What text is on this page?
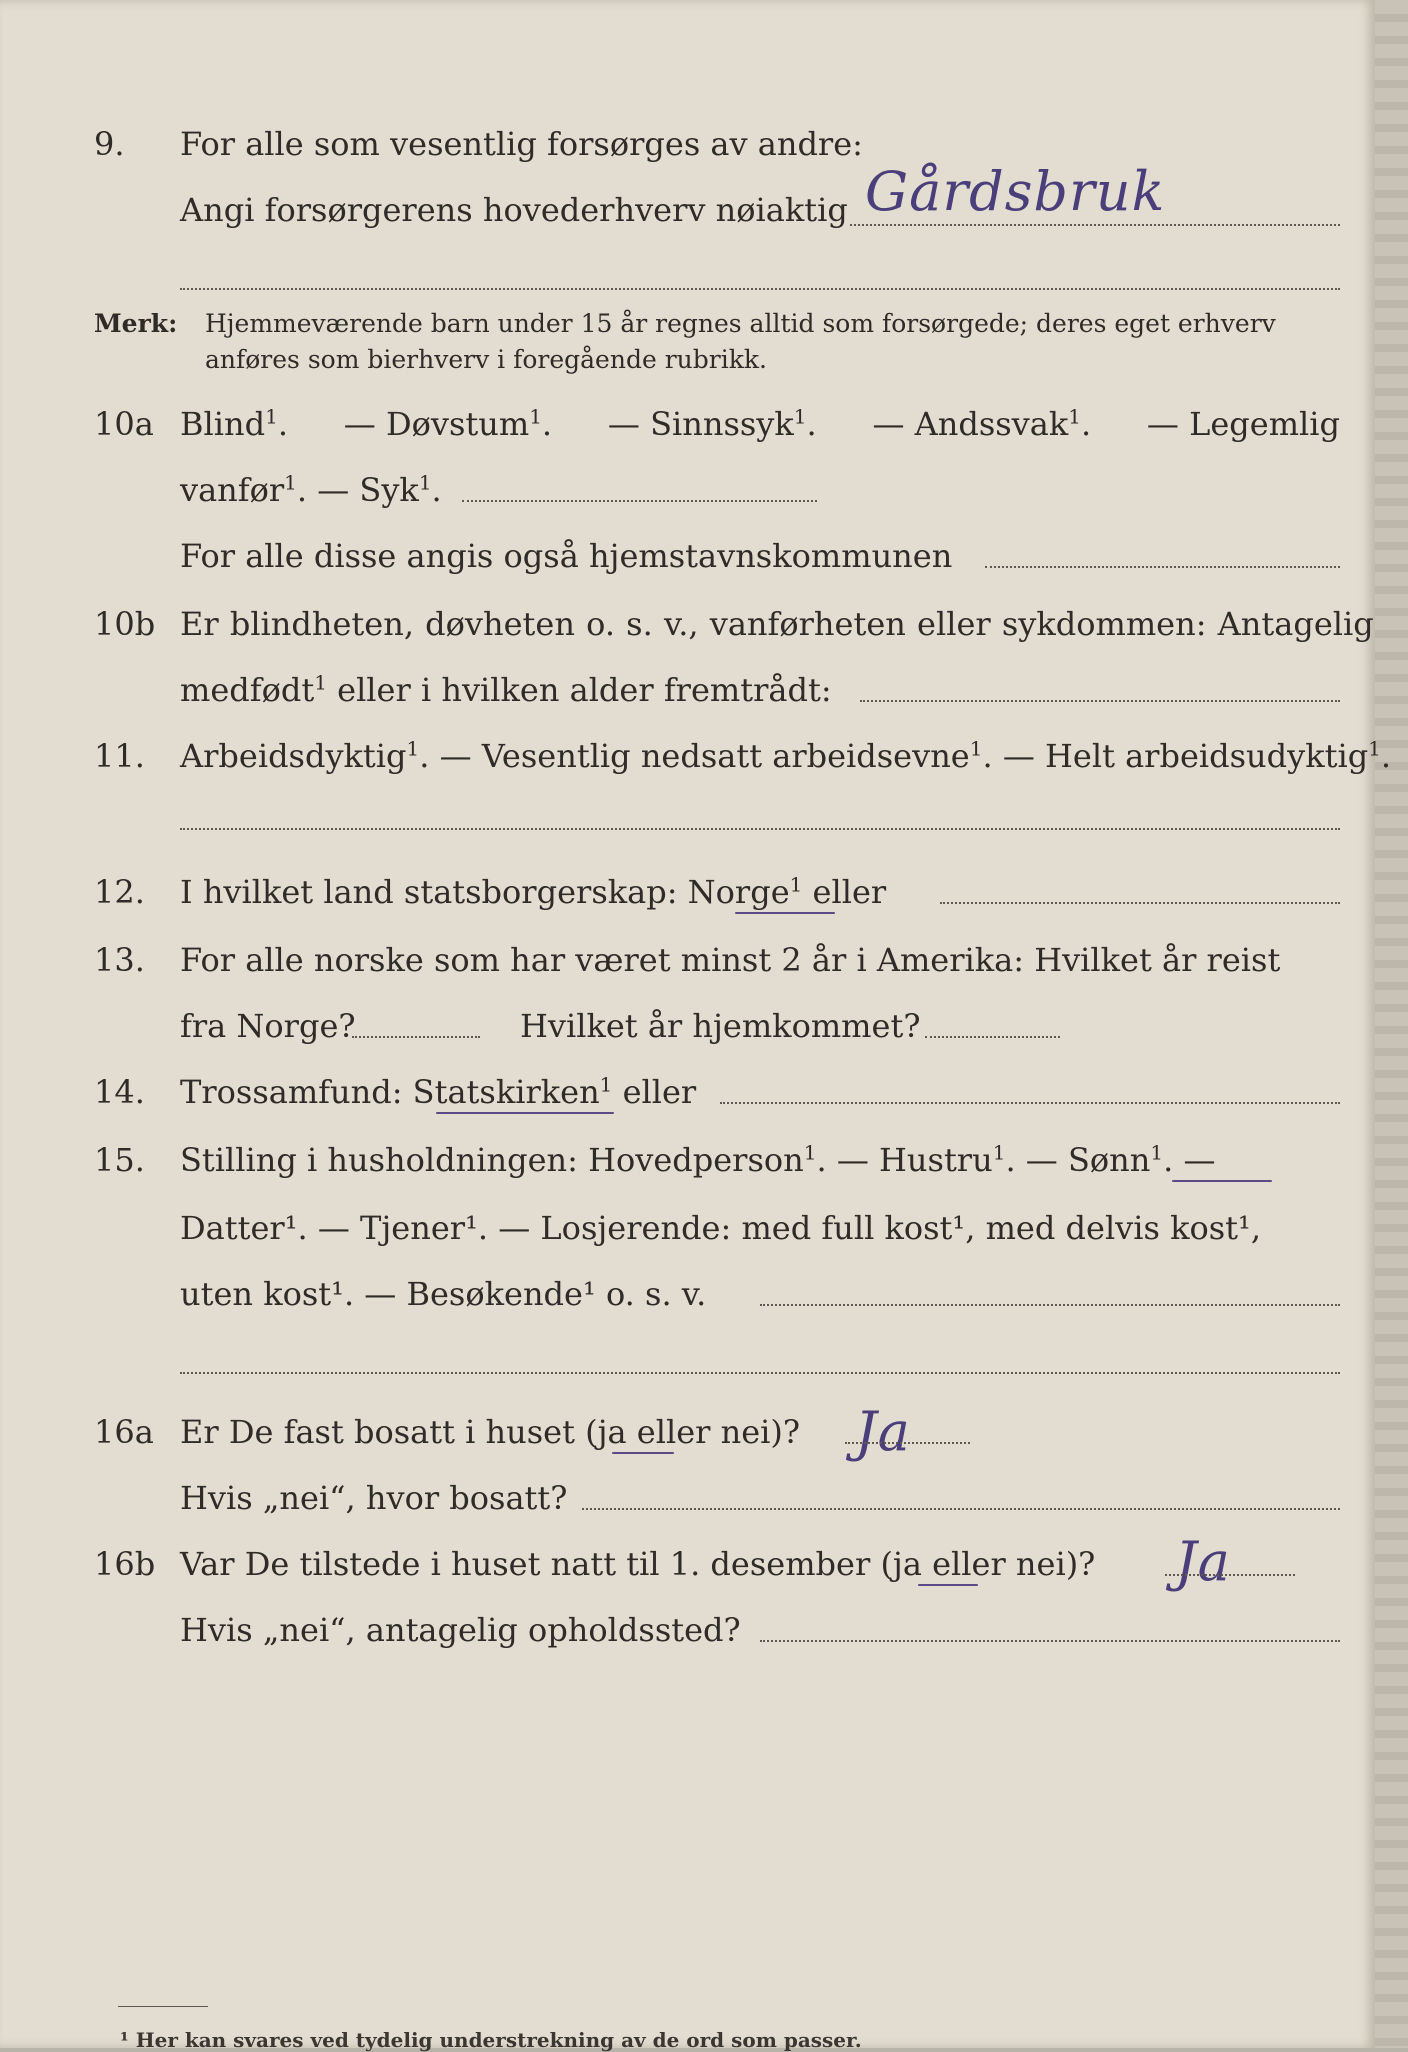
9. For alle som vesentlig forsørges av andre:
Angi forsørgerens hovederhverv nøiaktig Gårdsbruk
Merk: Hjemmeværende barn under 15 år regnes alltid som forsørgede; deres eget erhverv
anføres som bierhverv i foregående rubrikk.
10a Blind$^1$. — Døvstum$^1$. — Sinnssyk$^1$. — Andssvak$^1$. — Legemlig
vanfør$^1$. — Syk$^1$.
For alle disse angis også hjemstavnskommunen
10b Er blindheten, døvheten o. s. v., vanførheten eller sykdommen: Antagelig
medfødt$^1$ eller i hvilken alder fremtrådt:
11. Arbeidsdyktig$^1$. — Vesentlig nedsatt arbeidsevne$^1$. — Helt arbeidsudyktig$^1$.
12. I hvilket land statsborgerskap: Norge$^1$ eller
13. For alle norske som har været minst 2 år i Amerika: Hvilket år reist
fra Norge?	Hvilket år hjemkommet?
14. Trossamfund: Statskirken$^1$ eller
15. Stilling i husholdningen: Hovedperson$^1$. — Hustru$^1$. — Sønn$^1$. —
Datter¹. — Tjener¹. — Losjerende: med full kost¹, med delvis kost¹,
uten kost¹. — Besøkende¹ o. s. v.
16a Er De fast bosatt i huset (ja eller nei)? Ja
Hvis „nei“, hvor bosatt?
16b Var De tilstede i huset natt til 1. desember (ja eller nei)? Ja
Hvis „nei“, antagelig opholdssted?
¹ Her kan svares ved tydelig understrekning av de ord som passer.
